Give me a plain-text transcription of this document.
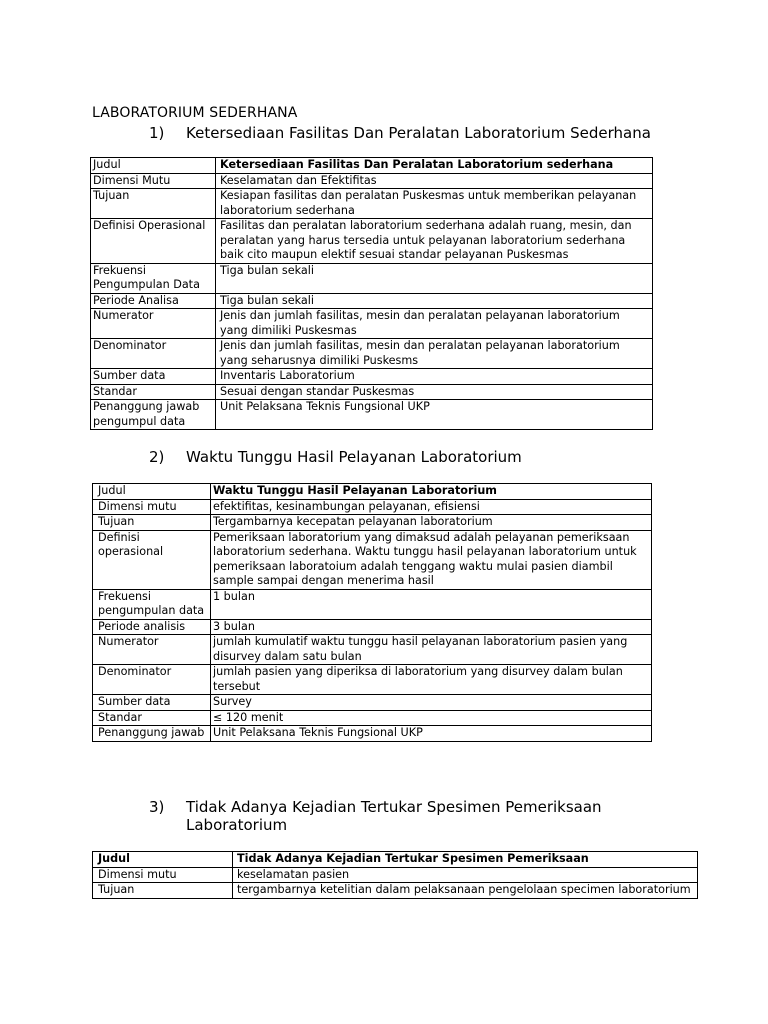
LABORATORIUM SEDERHANA
1) Ketersediaan Fasilitas Dan Peralatan Laboratorium Sederhana
Judul	Ketersediaan Fasilitas Dan Peralatan Laboratorium sederhana
Dimensi Mutu	Keselamatan dan Efektifitas
Tujuan	Kesiapan fasilitas dan peralatan Puskesmas untuk memberikan pelayanan laboratorium sederhana
Definisi Operasional	Fasilitas dan peralatan laboratorium sederhana adalah ruang, mesin, dan peralatan yang harus tersedia untuk pelayanan laboratorium sederhana baik cito maupun elektif sesuai standar pelayanan Puskesmas
Frekuensi Pengumpulan Data	Tiga bulan sekali
Periode Analisa	Tiga bulan sekali
Numerator	Jenis dan jumlah fasilitas, mesin dan peralatan pelayanan laboratorium yang dimiliki Puskesmas
Denominator	Jenis dan jumlah fasilitas, mesin dan peralatan pelayanan laboratorium yang seharusnya dimiliki Puskesms
Sumber data	Inventaris Laboratorium
Standar	Sesuai dengan standar Puskesmas
Penanggung jawab pengumpul data	Unit Pelaksana Teknis Fungsional UKP
2) Waktu Tunggu Hasil Pelayanan Laboratorium
Judul	Waktu Tunggu Hasil Pelayanan Laboratorium
Dimensi mutu	efektifitas, kesinambungan pelayanan, efisiensi
Tujuan	Tergambarnya kecepatan pelayanan laboratorium
Definisi operasional	Pemeriksaan laboratorium yang dimaksud adalah pelayanan pemeriksaan laboratorium sederhana. Waktu tunggu hasil pelayanan laboratorium untuk pemeriksaan laboratoium adalah tenggang waktu mulai pasien diambil sample sampai dengan menerima hasil
Frekuensi pengumpulan data	1 bulan
Periode analisis	3 bulan
Numerator	jumlah kumulatif waktu tunggu hasil pelayanan laboratorium pasien yang disurvey dalam satu bulan
Denominator	jumlah pasien yang diperiksa di laboratorium yang disurvey dalam bulan tersebut
Sumber data	Survey
Standar	≤ 120 menit
Penanggung jawab	Unit Pelaksana Teknis Fungsional UKP
3) Tidak Adanya Kejadian Tertukar Spesimen Pemeriksaan
Laboratorium
Judul	Tidak Adanya Kejadian Tertukar Spesimen Pemeriksaan
Dimensi mutu	keselamatan pasien
Tujuan	tergambarnya ketelitian dalam pelaksanaan pengelolaan specimen laboratorium
